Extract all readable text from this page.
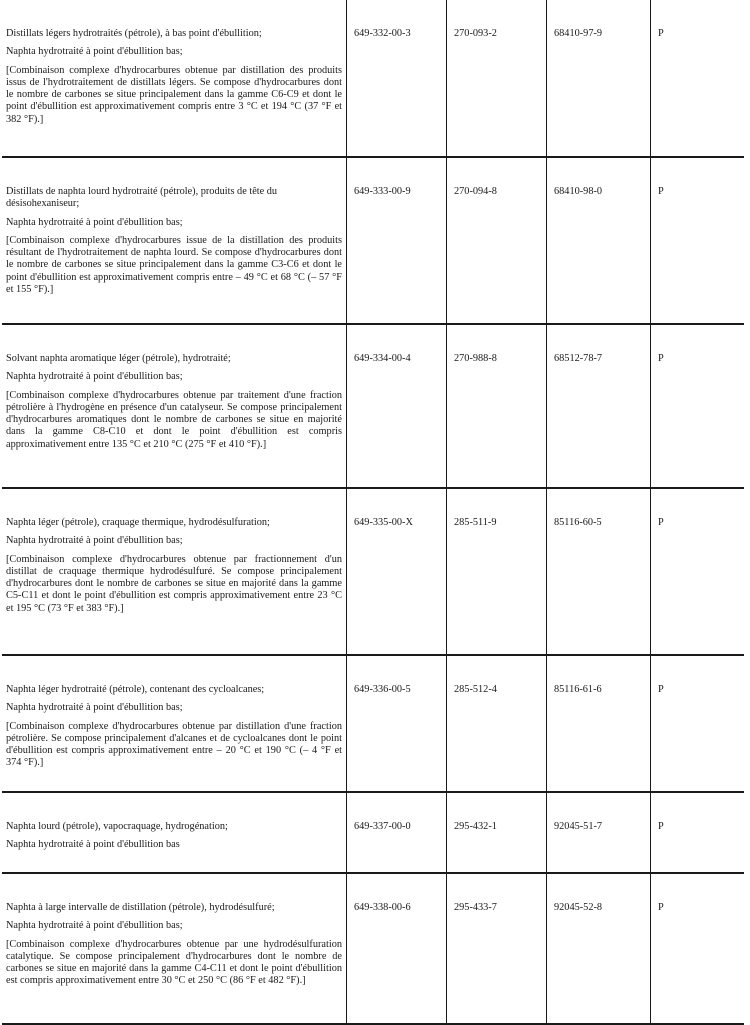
Distillats légers hydrotraités (pétrole), à bas point d'ébullition;

Naphta hydrotraité à point d'ébullition bas;

[Combinaison complexe d'hydrocarbures obtenue par distillation des produits issus de l'hydrotraitement de distillats légers. Se compose d'hydrocarbures dont le nombre de carbones se situe principalement dans la gamme C6-C9 et dont le point d'ébullition est approximativement compris entre 3 °C et 194 °C (37 °F et 382 °F).]	649-332-00-3	270-093-2	68410-97-9	P

Distillats de naphta lourd hydrotraité (pétrole), produits de tête du désisohexaniseur;

Naphta hydrotraité à point d'ébullition bas;

[Combinaison complexe d'hydrocarbures issue de la distillation des produits résultant de l'hydrotraitement de naphta lourd. Se compose d'hydrocarbures dont le nombre de carbones se situe principalement dans la gamme C3-C6 et dont le point d'ébullition est approximativement compris entre – 49 °C et 68 °C (– 57 °F et 155 °F).]	649-333-00-9	270-094-8	68410-98-0	P

Solvant naphta aromatique léger (pétrole), hydrotraité;

Naphta hydrotraité à point d'ébullition bas;

[Combinaison complexe d'hydrocarbures obtenue par traitement d'une fraction pétrolière à l'hydrogène en présence d'un catalyseur. Se compose principalement d'hydrocarbures aromatiques dont le nombre de carbones se situe en majorité dans la gamme C8-C10 et dont le point d'ébullition est compris approximativement entre 135 °C et 210 °C (275 °F et 410 °F).]	649-334-00-4	270-988-8	68512-78-7	P

Naphta léger (pétrole), craquage thermique, hydrodésulfuration;

Naphta hydrotraité à point d'ébullition bas;

[Combinaison complexe d'hydrocarbures obtenue par fractionnement d'un distillat de craquage thermique hydrodésulfuré. Se compose principalement d'hydrocarbures dont le nombre de carbones se situe en majorité dans la gamme C5-C11 et dont le point d'ébullition est compris approximativement entre 23 °C et 195 °C (73 °F et 383 °F).]	649-335-00-X	285-511-9	85116-60-5	P

Naphta léger hydrotraité (pétrole), contenant des cycloalcanes;

Naphta hydrotraité à point d'ébullition bas;

[Combinaison complexe d'hydrocarbures obtenue par distillation d'une fraction pétrolière. Se compose principalement d'alcanes et de cycloalcanes dont le point d'ébullition est compris approximativement entre – 20 °C et 190 °C (– 4 °F et 374 °F).]	649-336-00-5	285-512-4	85116-61-6	P

Naphta lourd (pétrole), vapocraquage, hydrogénation;

Naphta hydrotraité à point d'ébullition bas	649-337-00-0	295-432-1	92045-51-7	P

Naphta à large intervalle de distillation (pétrole), hydrodésulfuré;

Naphta hydrotraité à point d'ébullition bas;

[Combinaison complexe d'hydrocarbures obtenue par une hydrodésulfuration catalytique. Se compose principalement d'hydrocarbures dont le nombre de carbones se situe en majorité dans la gamme C4-C11 et dont le point d'ébullition est compris approximativement entre 30 °C et 250 °C (86 °F et 482 °F).]	649-338-00-6	295-433-7	92045-52-8	P
